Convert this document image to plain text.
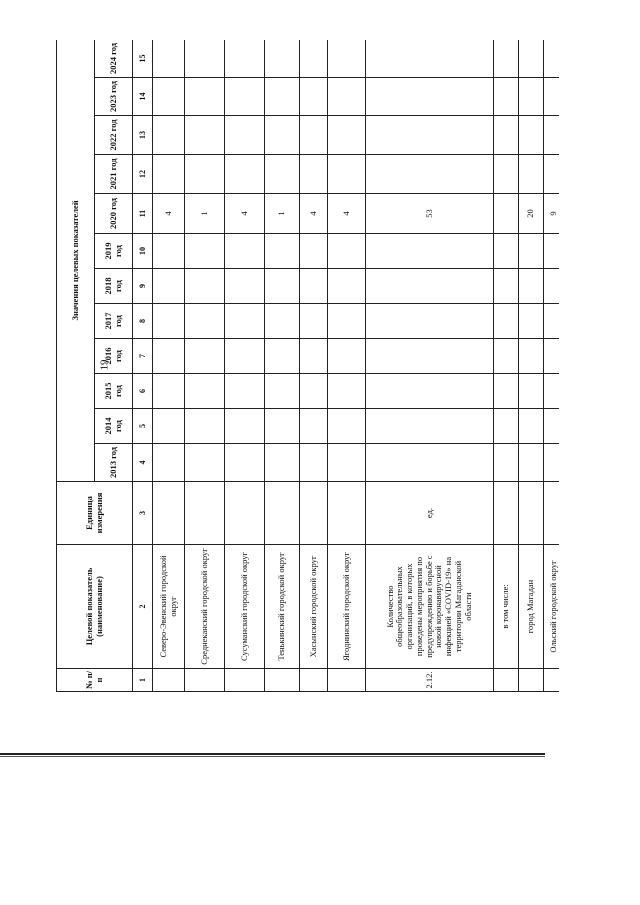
19
№ п/п	Целевой показатель (наименование)	Единица измерения	Значения целевых показателей											
			2013 год	2014 год	2015 год	2016 год	2017 год	2018 год	2019 год	2020 год	2021 год	2022 год	2023 год	2024 год
1	2	3	4	5	6	7	8	9	10	11	12	13	14	15
	Северо-Эвенский городской округ									4				
	Среднеканский городской округ									1				
	Сусуманский городской округ									4				
	Тенькинский городской округ									1				
	Хасынский городской округ									4				
	Ягоднинский городской округ									4				
2.12.	Количество общеобразовательных организаций, в которых проведены мероприятия по предупреждению и борьбе с новой коронавирусной инфекцией «COVID-19» на территории Магаданской области	ед.								53				
	в том числе:													
	город Магадан									20				
	Ольский городской округ									9				
